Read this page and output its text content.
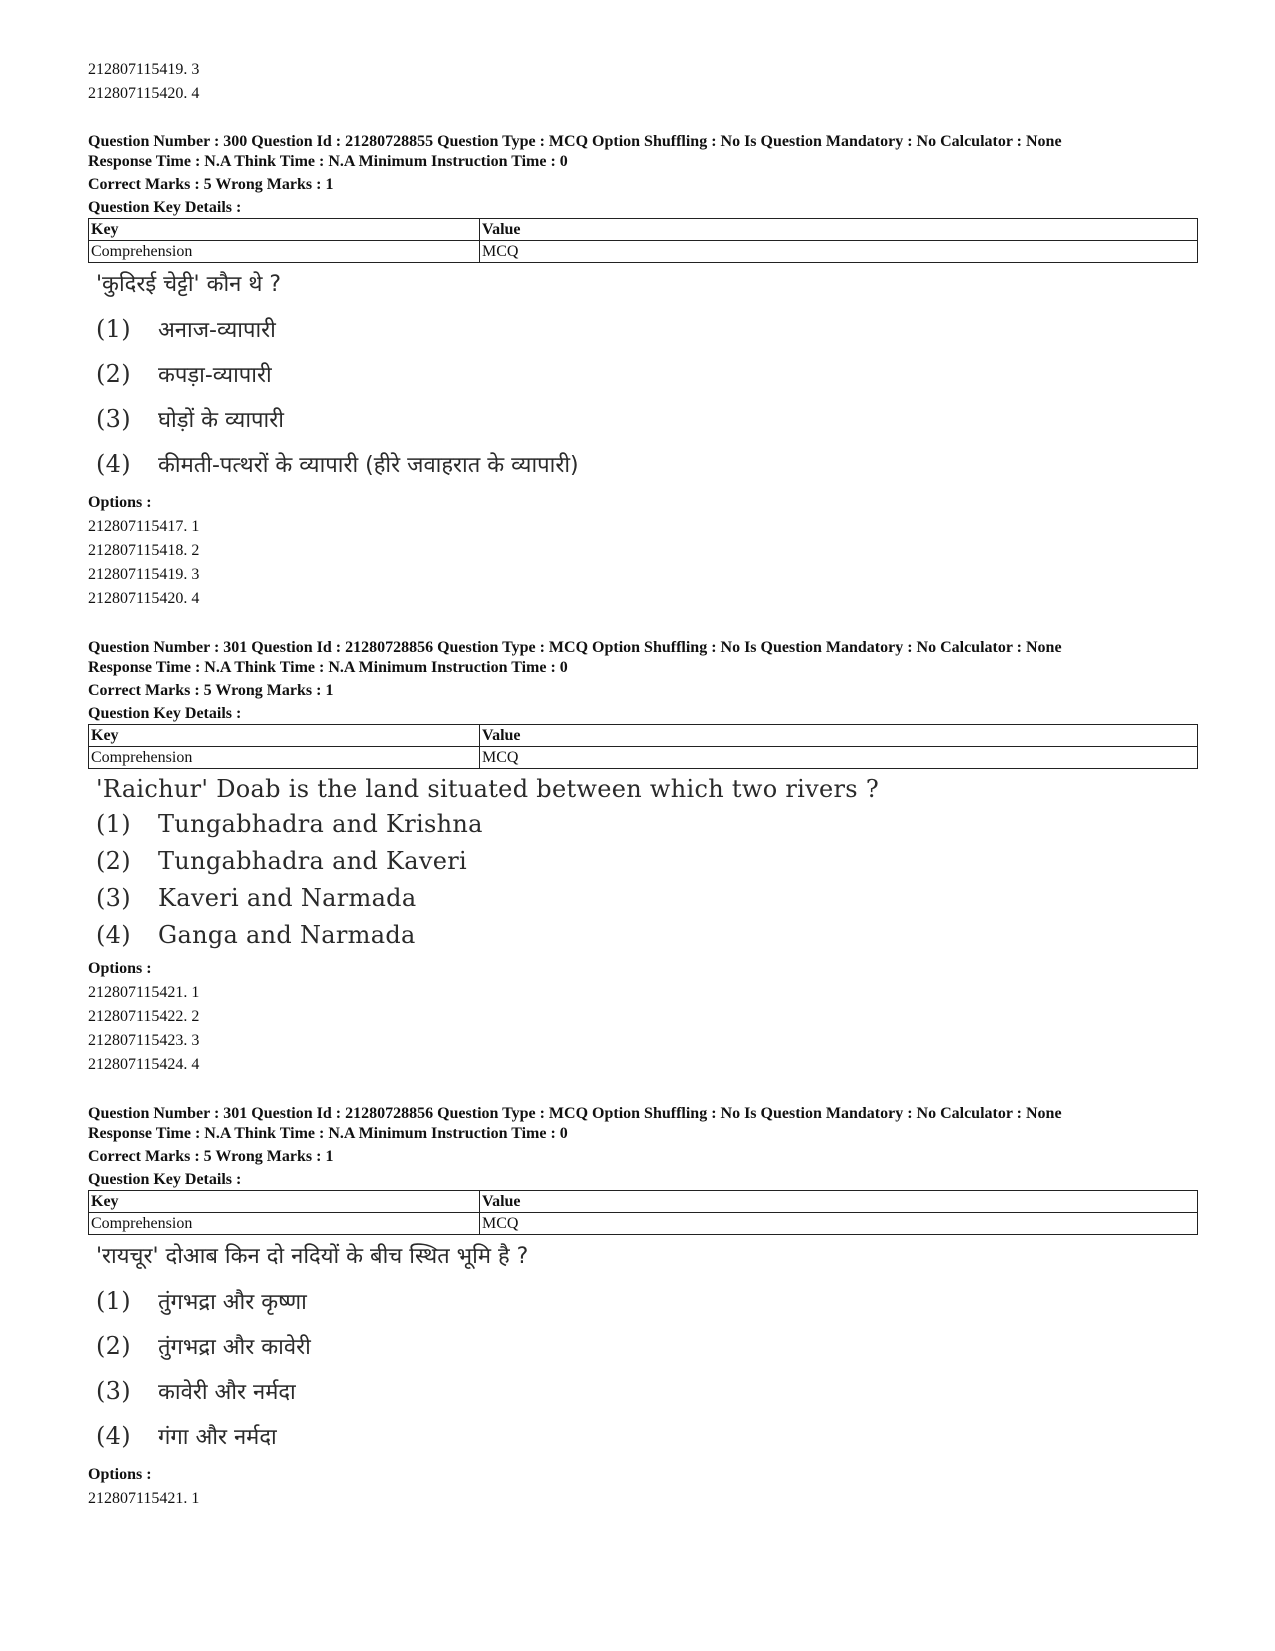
212807115419. 3
212807115420. 4
Question Number : 300 Question Id : 21280728855 Question Type : MCQ Option Shuffling : No Is Question Mandatory : No Calculator : None
Response Time : N.A Think Time : N.A Minimum Instruction Time : 0
Correct Marks : 5 Wrong Marks : 1
Question Key Details :
Key	Value
Comprehension	MCQ
'कुदिरई चेट्टी' कौन थे ?
(1) अनाज-व्यापारी
(2) कपड़ा-व्यापारी
(3) घोड़ों के व्यापारी
(4) कीमती-पत्थरों के व्यापारी (हीरे जवाहरात के व्यापारी)
Options :
212807115417. 1
212807115418. 2
212807115419. 3
212807115420. 4
Question Number : 301 Question Id : 21280728856 Question Type : MCQ Option Shuffling : No Is Question Mandatory : No Calculator : None
Response Time : N.A Think Time : N.A Minimum Instruction Time : 0
Correct Marks : 5 Wrong Marks : 1
Question Key Details :
Key	Value
Comprehension	MCQ
'Raichur' Doab is the land situated between which two rivers ?
(1) Tungabhadra and Krishna
(2) Tungabhadra and Kaveri
(3) Kaveri and Narmada
(4) Ganga and Narmada
Options :
212807115421. 1
212807115422. 2
212807115423. 3
212807115424. 4
Question Number : 301 Question Id : 21280728856 Question Type : MCQ Option Shuffling : No Is Question Mandatory : No Calculator : None
Response Time : N.A Think Time : N.A Minimum Instruction Time : 0
Correct Marks : 5 Wrong Marks : 1
Question Key Details :
Key	Value
Comprehension	MCQ
'रायचूर' दोआब किन दो नदियों के बीच स्थित भूमि है ?
(1) तुंगभद्रा और कृष्णा
(2) तुंगभद्रा और कावेरी
(3) कावेरी और नर्मदा
(4) गंगा और नर्मदा
Options :
212807115421. 1
